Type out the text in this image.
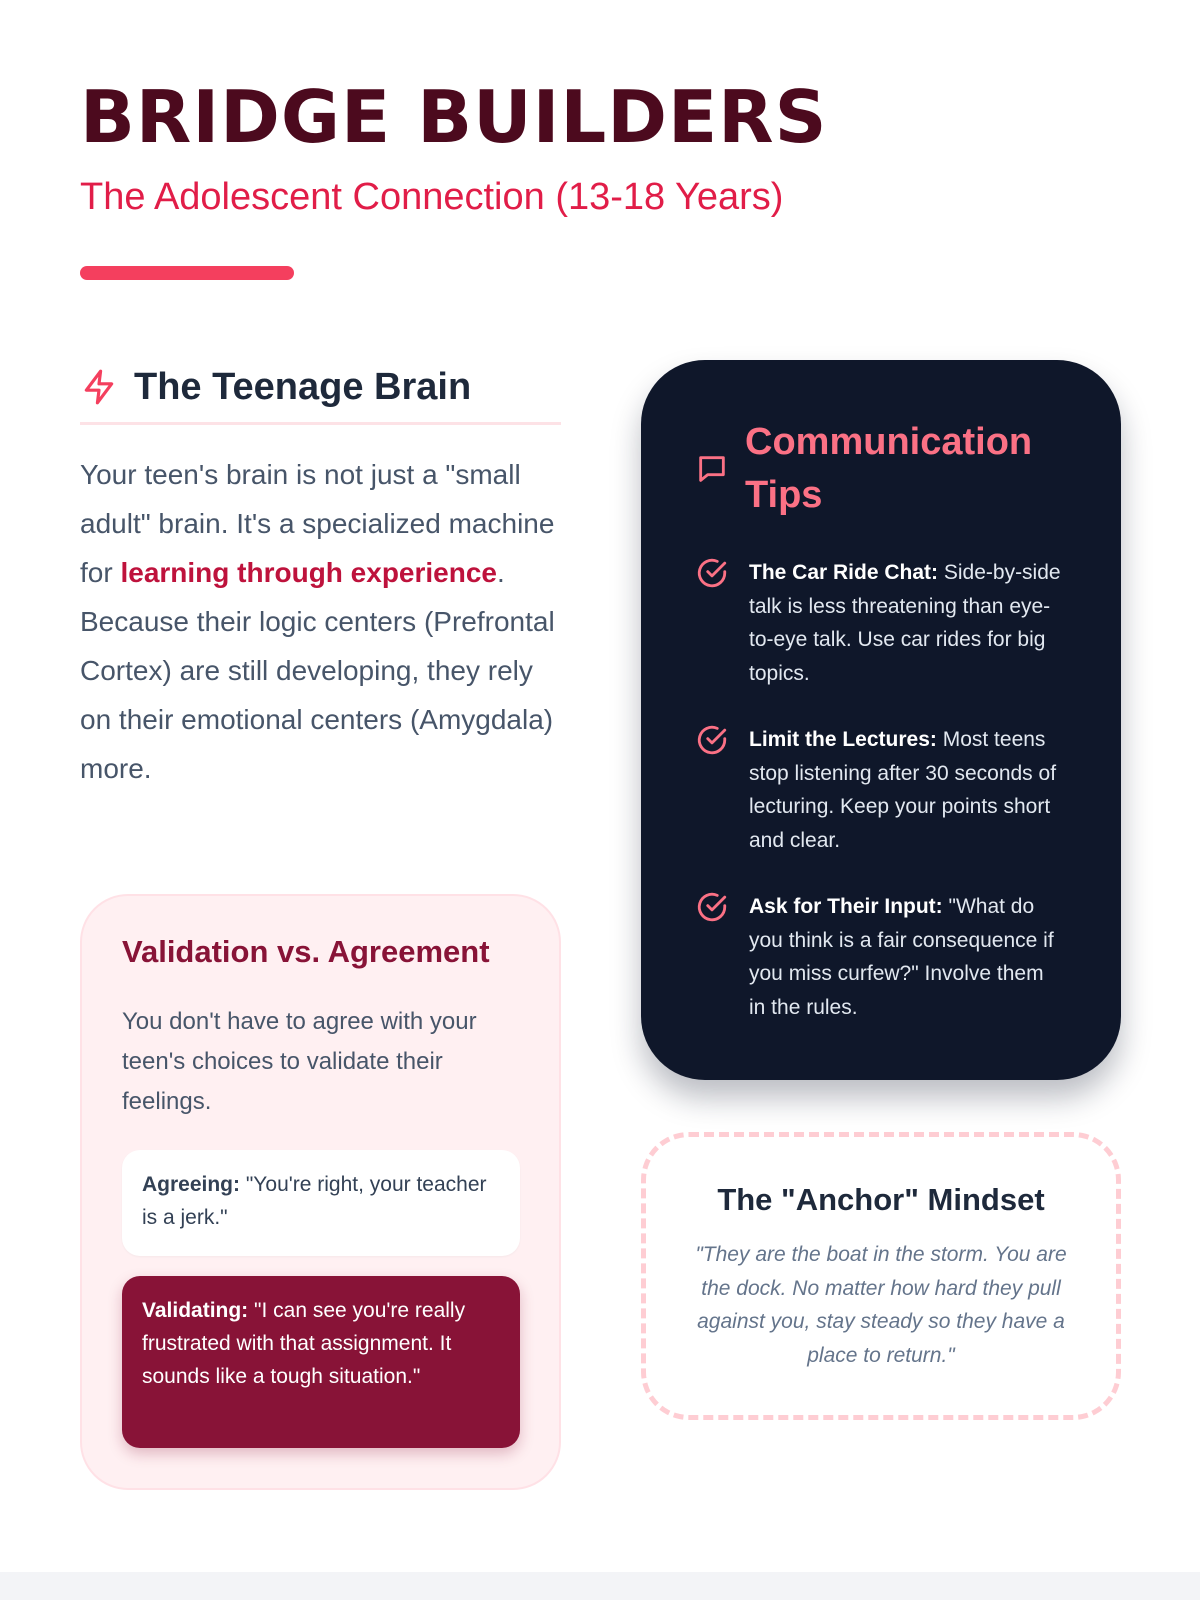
BRIDGE BUILDERS

The Adolescent Connection (13-18 Years)

The Teenage Brain

Your teen's brain is not just a "small adult" brain. It's a specialized machine for learning through experience. Because their logic centers (Prefrontal Cortex) are still developing, they rely on their emotional centers (Amygdala) more.

Validation vs. Agreement

You don't have to agree with your teen's choices to validate their feelings.

Agreeing: "You're right, your teacher is a jerk."
Validating: "I can see you're really frustrated with that assignment. It sounds like a tough situation."
Communication Tips

The Car Ride Chat: Side-by-side talk is less threatening than eye-to-eye talk. Use car rides for big topics.

Limit the Lectures: Most teens stop listening after 30 seconds of lecturing. Keep your points short and clear.

Ask for Their Input: "What do you think is a fair consequence if you miss curfew?" Involve them in the rules.

The "Anchor" Mindset

"They are the boat in the storm. You are the dock. No matter how hard they pull against you, stay steady so they have a place to return."
